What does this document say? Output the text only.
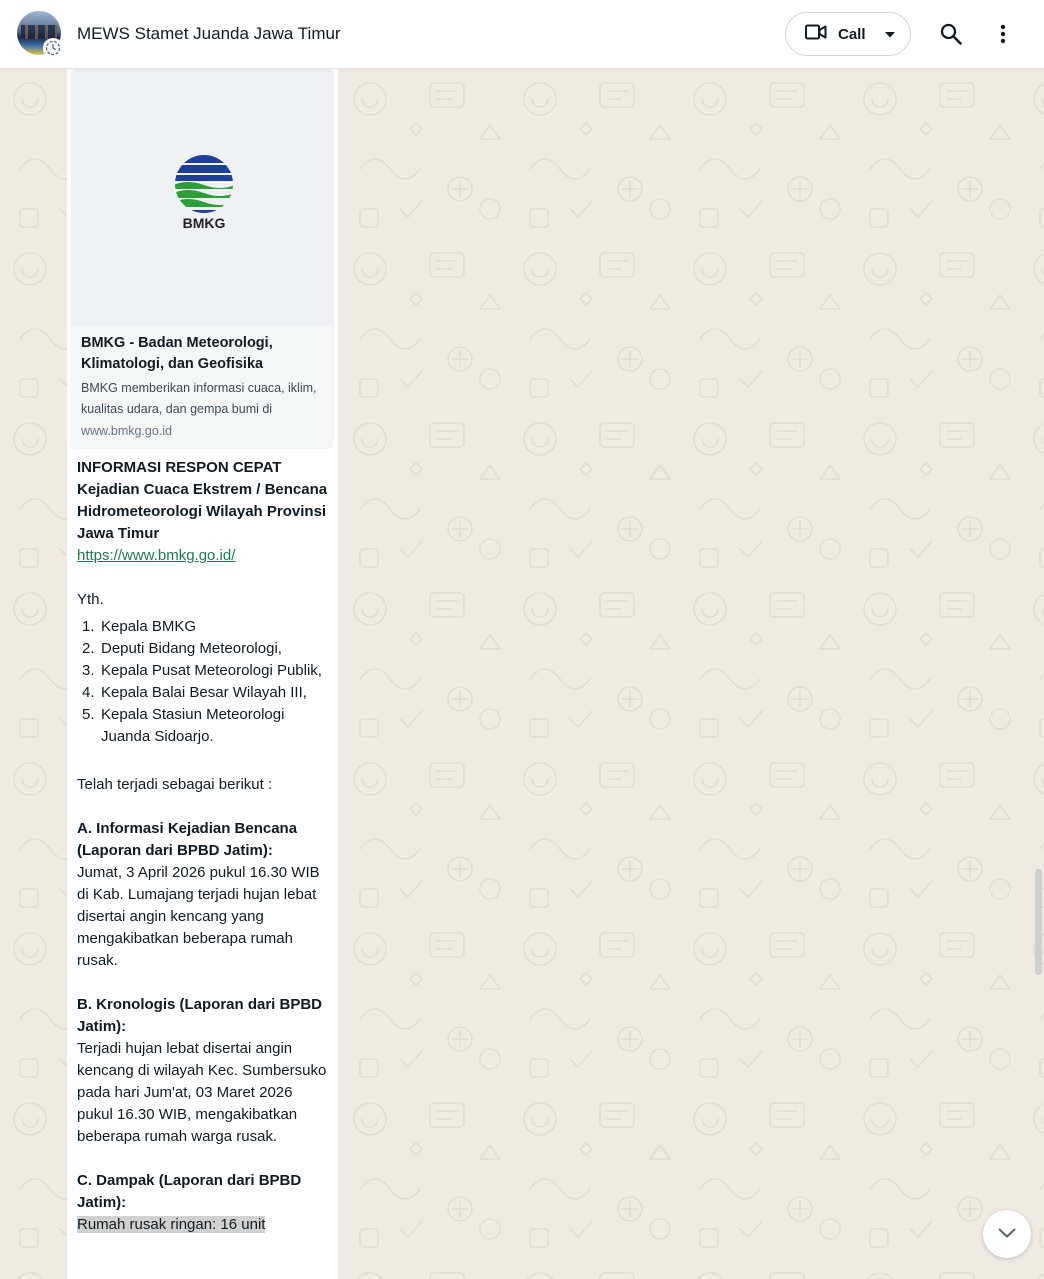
MEWS Stamet Juanda Jawa Timur	Call
BMKG
BMKG - Badan Meteorologi, Klimatologi, dan Geofisika
BMKG memberikan informasi cuaca, iklim, kualitas udara, dan gempa bumi di
www.bmkg.go.id
INFORMASI RESPON CEPAT Kejadian Cuaca Ekstrem / Bencana Hidrometeorologi Wilayah Provinsi Jawa Timur
https://www.bmkg.go.id/
Yth.
1. Kepala BMKG
2. Deputi Bidang Meteorologi,
3. Kepala Pusat Meteorologi Publik,
4. Kepala Balai Besar Wilayah III,
5. Kepala Stasiun Meteorologi Juanda Sidoarjo.
Telah terjadi sebagai berikut :
A. Informasi Kejadian Bencana (Laporan dari BPBD Jatim):
Jumat, 3 April 2026 pukul 16.30 WIB di Kab. Lumajang terjadi hujan lebat disertai angin kencang yang mengakibatkan beberapa rumah rusak.
B. Kronologis (Laporan dari BPBD Jatim):
Terjadi hujan lebat disertai angin kencang di wilayah Kec. Sumbersuko pada hari Jum'at, 03 Maret 2026 pukul 16.30 WIB, mengakibatkan beberapa rumah warga rusak.
C. Dampak (Laporan dari BPBD Jatim):
Rumah rusak ringan: 16 unit
